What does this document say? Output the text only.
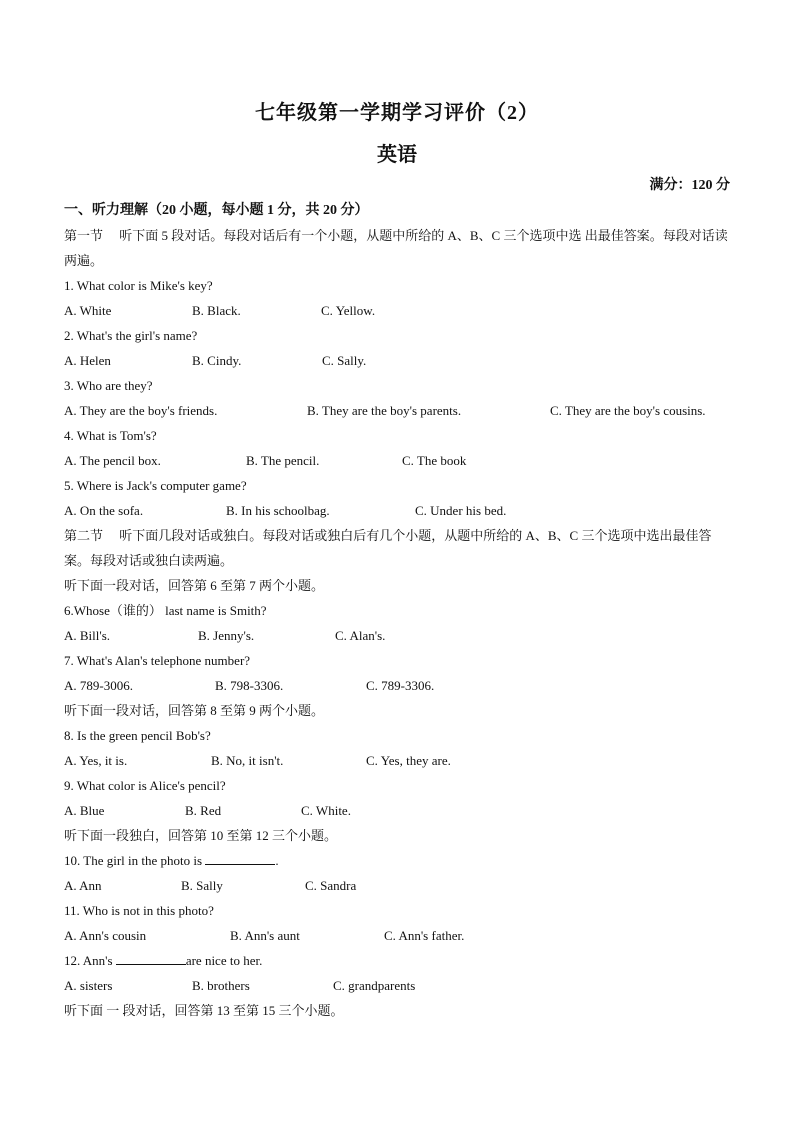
七年级第一学期学习评价（2）
英语
满分：120 分
一、听力理解（20 小题，每小题 1 分，共 20 分）
第一节 　听下面 5 段对话。每段对话后有一个小题，从题中所给的 A、B、C 三个选项中选 出最佳答案。每段对话读两遍。
1. What color is Mike's key?
A. White	B. Black.	C. Yellow.
2. What's the girl's name?
A. Helen	B. Cindy.	C. Sally.
3. Who are they?
A. They are the boy's friends.	B. They are the boy's parents.	C. They are the boy's cousins.
4. What is Tom's?
A. The pencil box.	B. The pencil.	C. The book
5. Where is Jack's computer game?
A. On the sofa.	B. In his schoolbag.	C. Under his bed.
第二节 　听下面几段对话或独白。每段对话或独白后有几个小题，从题中所给的 A、B、C 三个选项中选出最佳答案。每段对话或独白读两遍。
听下面一段对话，回答第 6 至第 7 两个小题。
6.Whose（谁的） last name is Smith?
A. Bill's.	B. Jenny's.	C. Alan's.
7. What's Alan's telephone number?
A. 789-3006.	B. 798-3306.	C. 789-3306.
听下面一段对话，回答第 8 至第 9 两个小题。
8. Is the green pencil Bob's?
A. Yes, it is.	B. No, it isn't.	C. Yes, they are.
9. What color is Alice's pencil?
A. Blue	B. Red	C. White.
听下面一段独白，回答第 10 至第 12 三个小题。
10. The girl in the photo is	.
A. Ann	B. Sally	C. Sandra
11. Who is not in this photo?
A. Ann's cousin	B. Ann's aunt	C. Ann's father.
12. Ann's	are nice to her.
A. sisters	B. brothers	C. grandparents
听下面 一 段对话，回答第 13 至第 15 三个小题。
